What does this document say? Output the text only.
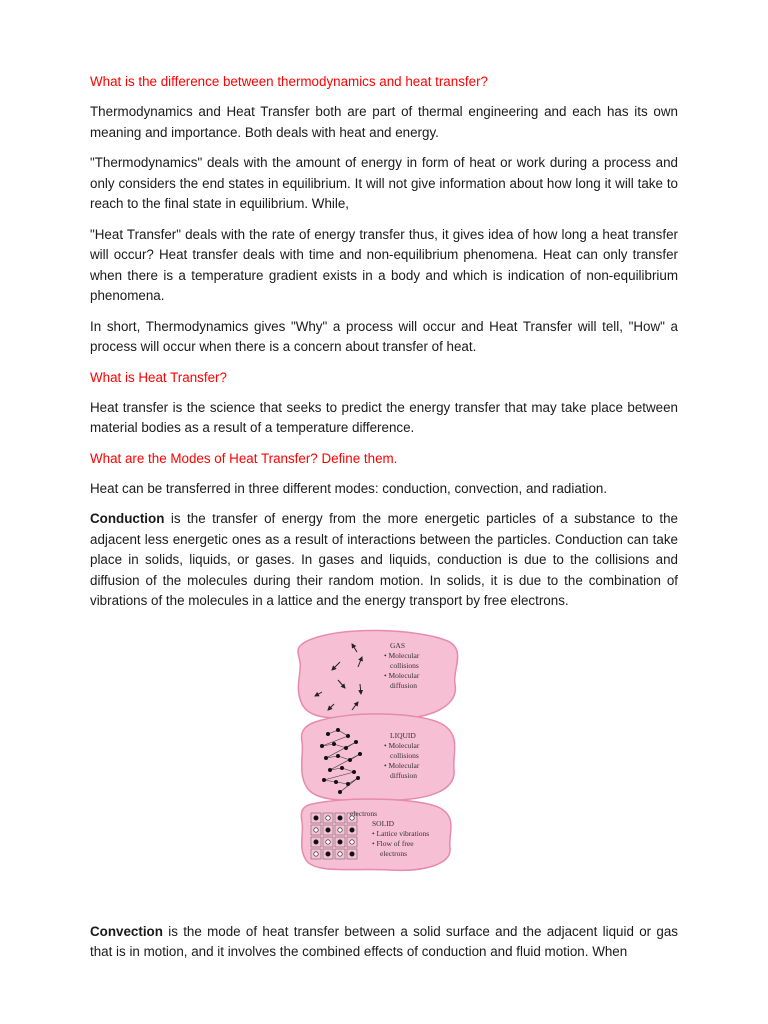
What is the difference between thermodynamics and heat transfer?

Thermodynamics and Heat Transfer both are part of thermal engineering and each has its own meaning and importance. Both deals with heat and energy.

"Thermodynamics" deals with the amount of energy in form of heat or work during a process and only considers the end states in equilibrium. It will not give information about how long it will take to reach to the final state in equilibrium. While,

"Heat Transfer" deals with the rate of energy transfer thus, it gives idea of how long a heat transfer will occur? Heat transfer deals with time and non-equilibrium phenomena. Heat can only transfer when there is a temperature gradient exists in a body and which is indication of non-equilibrium phenomena.

In short, Thermodynamics gives "Why" a process will occur and Heat Transfer will tell, "How" a process will occur when there is a concern about transfer of heat.

What is Heat Transfer?

Heat transfer is the science that seeks to predict the energy transfer that may take place between material bodies as a result of a temperature difference.

What are the Modes of Heat Transfer? Define them.

Heat can be transferred in three different modes: conduction, convection, and radiation.

Conduction is the transfer of energy from the more energetic particles of a substance to the adjacent less energetic ones as a result of interactions between the particles. Conduction can take place in solids, liquids, or gases. In gases and liquids, conduction is due to the collisions and diffusion of the molecules during their random motion. In solids, it is due to the combination of vibrations of the molecules in a lattice and the energy transport by free electrons.

GAS
• Molecular
collisions
• Molecular
diffusion
LIQUID
• Molecular
collisions
• Molecular
diffusion
electrons
SOLID
• Lattice vibrations
• Flow of free
electrons

Convection is the mode of heat transfer between a solid surface and the adjacent liquid or gas that is in motion, and it involves the combined effects of conduction and fluid motion. When
